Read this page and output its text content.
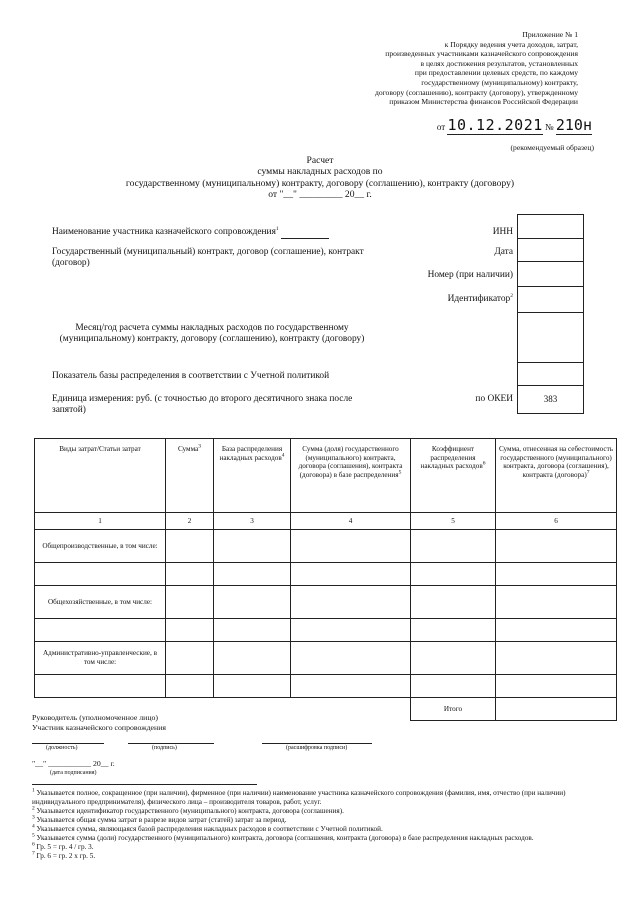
Приложение № 1
к Порядку ведения учета доходов, затрат,
произведенных участниками казначейского сопровождения
в целях достижения результатов, установленных
при предоставлении целевых средств, по каждому
государственному (муниципальному) контракту,
договору (соглашению), контракту (договору), утвержденному
приказом Министерства финансов Российской Федерации
от 10.12.2021 № 210н
(рекомендуемый образец)
Расчет
суммы накладных расходов по
государственному (муниципальному) контракту, договору (соглашению), контракту (договору)
от "__" _________ 20__ г.
Наименование участника казначейского сопровождения$^1$
Государственный (муниципальный) контракт, договор (соглашение), контракт (договор)
Месяц/год расчета суммы накладных расходов по государственному (муниципальному) контракту, договору (соглашению), контракту (договору)
Показатель базы распределения в соответствии с Учетной политикой
Единица измерения: руб. (с точностью до второго десятичного знака после запятой)
ИНН
Дата
Номер (при наличии)
Идентификатор$^2$
по ОКЕИ	383
Виды затрат/Статьи затрат	Сумма$^3$	База распределения накладных расходов$^4$	Сумма (доля) государственного (муниципального) контракта, договора (соглашения), контракта (договора) в базе распределения$^5$	Коэффициент распределения накладных расходов$^6$	Сумма, отнесенная на себестоимость государственного (муниципального) контракта, договора (соглашения), контракта (договора)$^7$
1	2	3	4	5	6
Общепроизводственные, в том числе:					

Общехозяйственные, в том числе:					

Административно-управленческие, в том числе:					

				Итого	
Руководитель (уполномоченное лицо)
Участник казначейского сопровождения
(должность)	(подпись)	(расшифровка подписи)
"__" ___________ 20__ г.
(дата подписания)

$^1$ Указывается полное, сокращенное (при наличии), фирменное (при наличии) наименование участника казначейского сопровождения (фамилия, имя, отчество (при наличии) индивидуального предпринимателя), физического лица – производителя товаров, работ, услуг.

$^2$ Указывается идентификатор государственного (муниципального) контракта, договора (соглашения).

$^3$ Указывается общая сумма затрат в разрезе видов затрат (статей) затрат за период.

$^4$ Указывается сумма, являющаяся базой распределения накладных расходов в соответствии с Учетной политикой.

$^5$ Указывается сумма (доли) государственного (муниципального) контракта, договора (соглашения, контракта (договора) в базе распределения накладных расходов.

$^6$ Гр. 5 = гр. 4 / гр. 3.

$^7$ Гр. 6 = гр. 2 x гр. 5.
